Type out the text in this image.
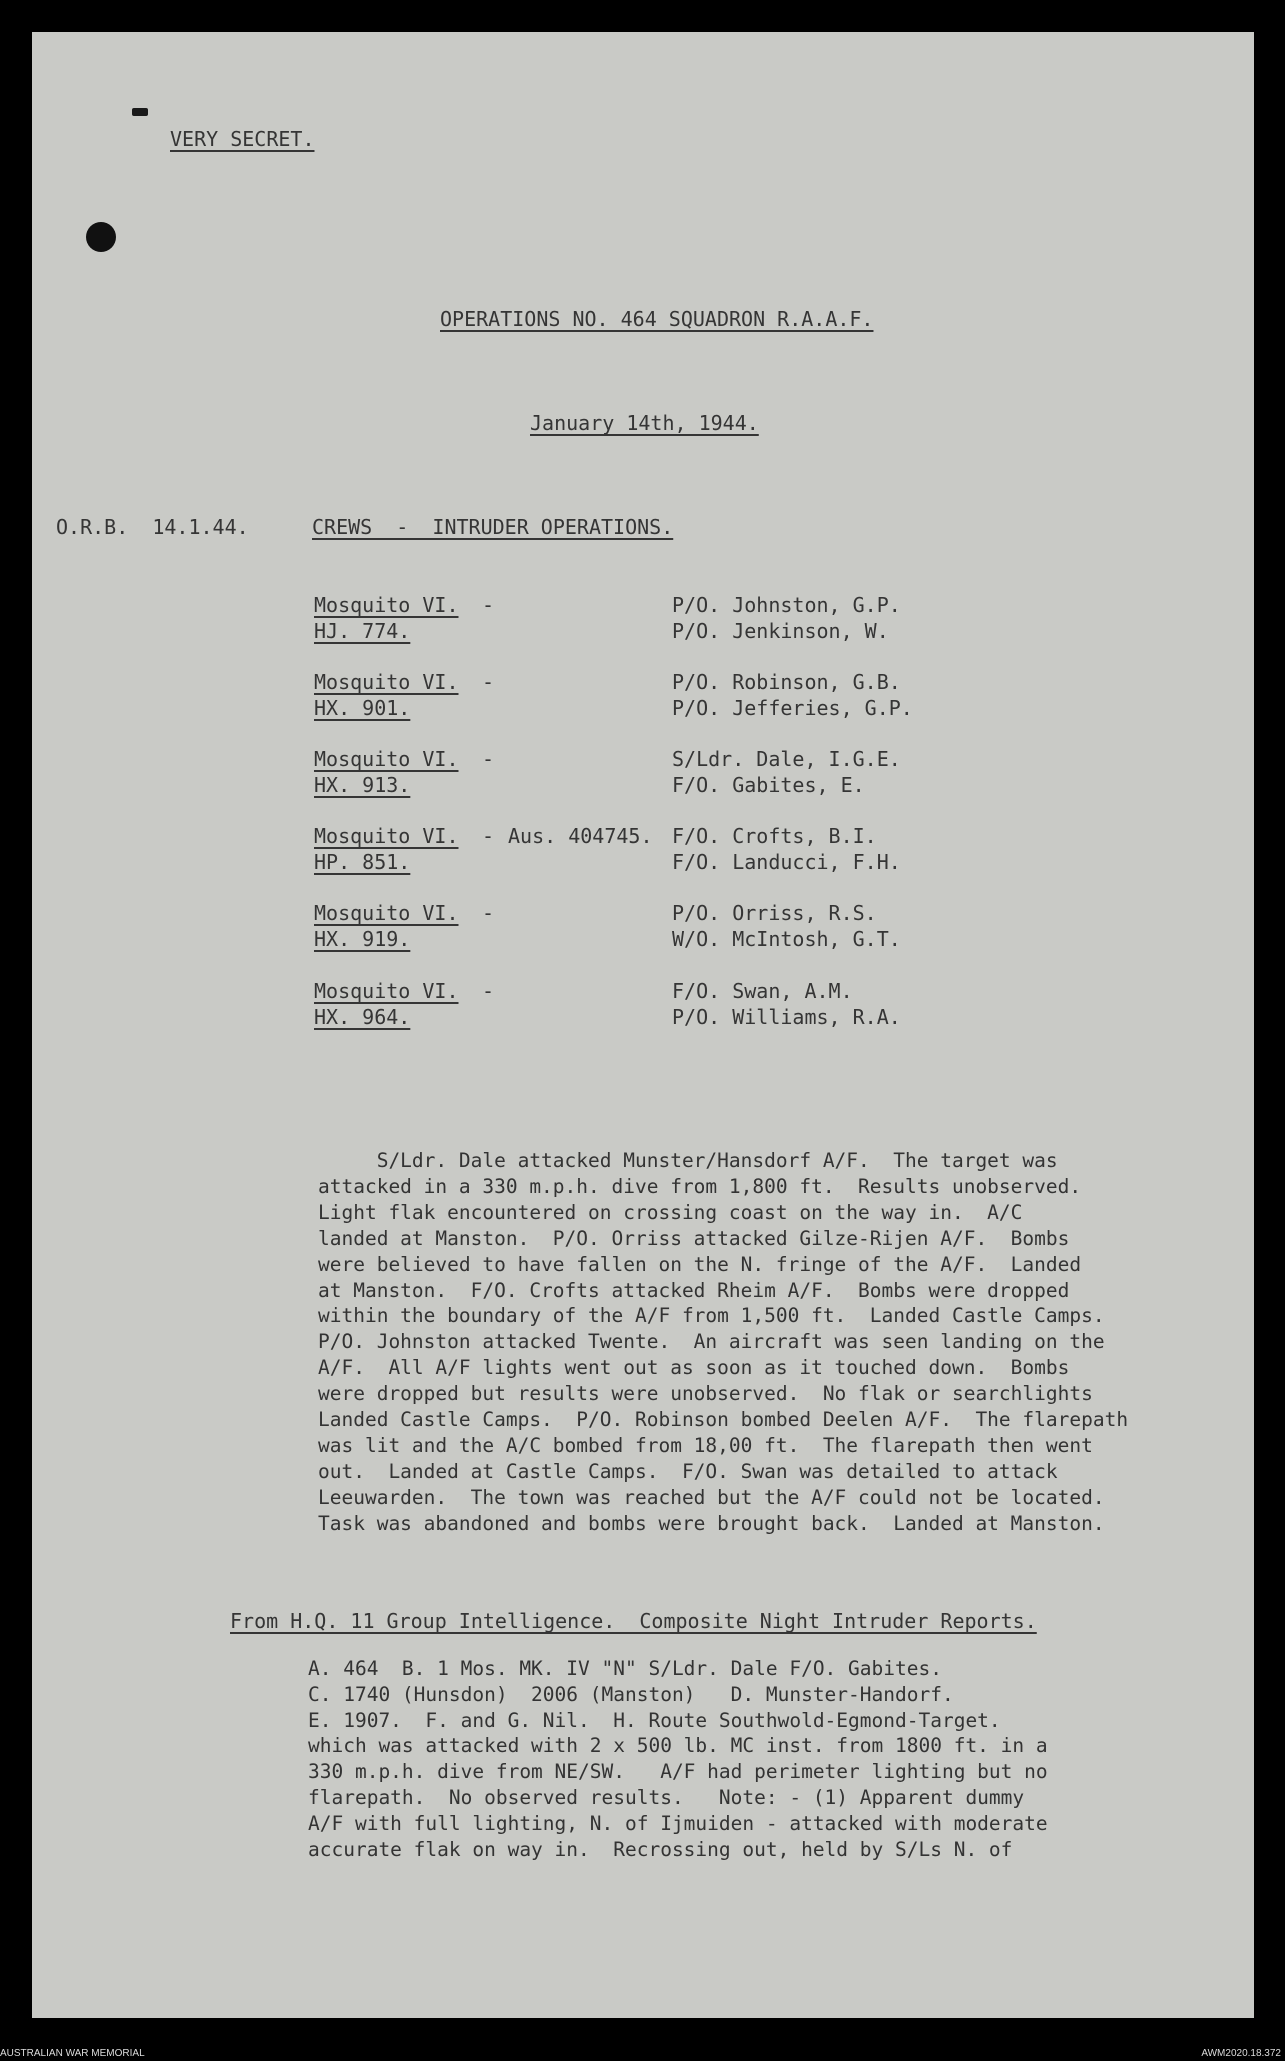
VERY SECRET.
OPERATIONS NO. 464 SQUADRON R.A.A.F.
January 14th, 1944.
O.R.B.  14.1.44.	CREWS  -  INTRUDER OPERATIONS.
Mosquito VI. -
HJ. 774.
P/O. Johnston, G.P.
P/O. Jenkinson, W.
Mosquito VI. -
HX. 901.
P/O. Robinson, G.B.
P/O. Jefferies, G.P.
Mosquito VI. -
HX. 913.
S/Ldr. Dale, I.G.E.
F/O. Gabites, E.
Mosquito VI. -
HP. 851.
Aus. 404745. F/O. Crofts, B.I.
F/O. Landucci, F.H.
Mosquito VI. -
HX. 919.
P/O. Orriss, R.S.
W/O. McIntosh, G.T.
Mosquito VI. -
HX. 964.
F/O. Swan, A.M.
P/O. Williams, R.A.
S/Ldr. Dale attacked Munster/Hansdorf A/F.  The target was
attacked in a 330 m.p.h. dive from 1,800 ft.  Results unobserved.
Light flak encountered on crossing coast on the way in.  A/C
landed at Manston.  P/O. Orriss attacked Gilze-Rijen A/F.  Bombs
were believed to have fallen on the N. fringe of the A/F.  Landed
at Manston.  F/O. Crofts attacked Rheim A/F.  Bombs were dropped
within the boundary of the A/F from 1,500 ft.  Landed Castle Camps.
P/O. Johnston attacked Twente.  An aircraft was seen landing on the
A/F.  All A/F lights went out as soon as it touched down.  Bombs
were dropped but results were unobserved.  No flak or searchlights
Landed Castle Camps.  P/O. Robinson bombed Deelen A/F.  The flarepath
was lit and the A/C bombed from 18,00 ft.  The flarepath then went
out.  Landed at Castle Camps.  F/O. Swan was detailed to attack
Leeuwarden.  The town was reached but the A/F could not be located.
Task was abandoned and bombs were brought back.  Landed at Manston.
From H.Q. 11 Group Intelligence.  Composite Night Intruder Reports.
A. 464  B. 1 Mos. MK. IV "N" S/Ldr. Dale F/O. Gabites.
C. 1740 (Hunsdon)  2006 (Manston)   D. Munster-Handorf.
E. 1907.  F. and G. Nil.  H. Route Southwold-Egmond-Target.
which was attacked with 2 x 500 lb. MC inst. from 1800 ft. in a
330 m.p.h. dive from NE/SW.   A/F had perimeter lighting but no
flarepath.  No observed results.   Note: - (1) Apparent dummy
A/F with full lighting, N. of Ijmuiden - attacked with moderate
accurate flak on way in.  Recrossing out, held by S/Ls N. of
AUSTRALIAN WAR MEMORIAL	AWM2020.18.372
